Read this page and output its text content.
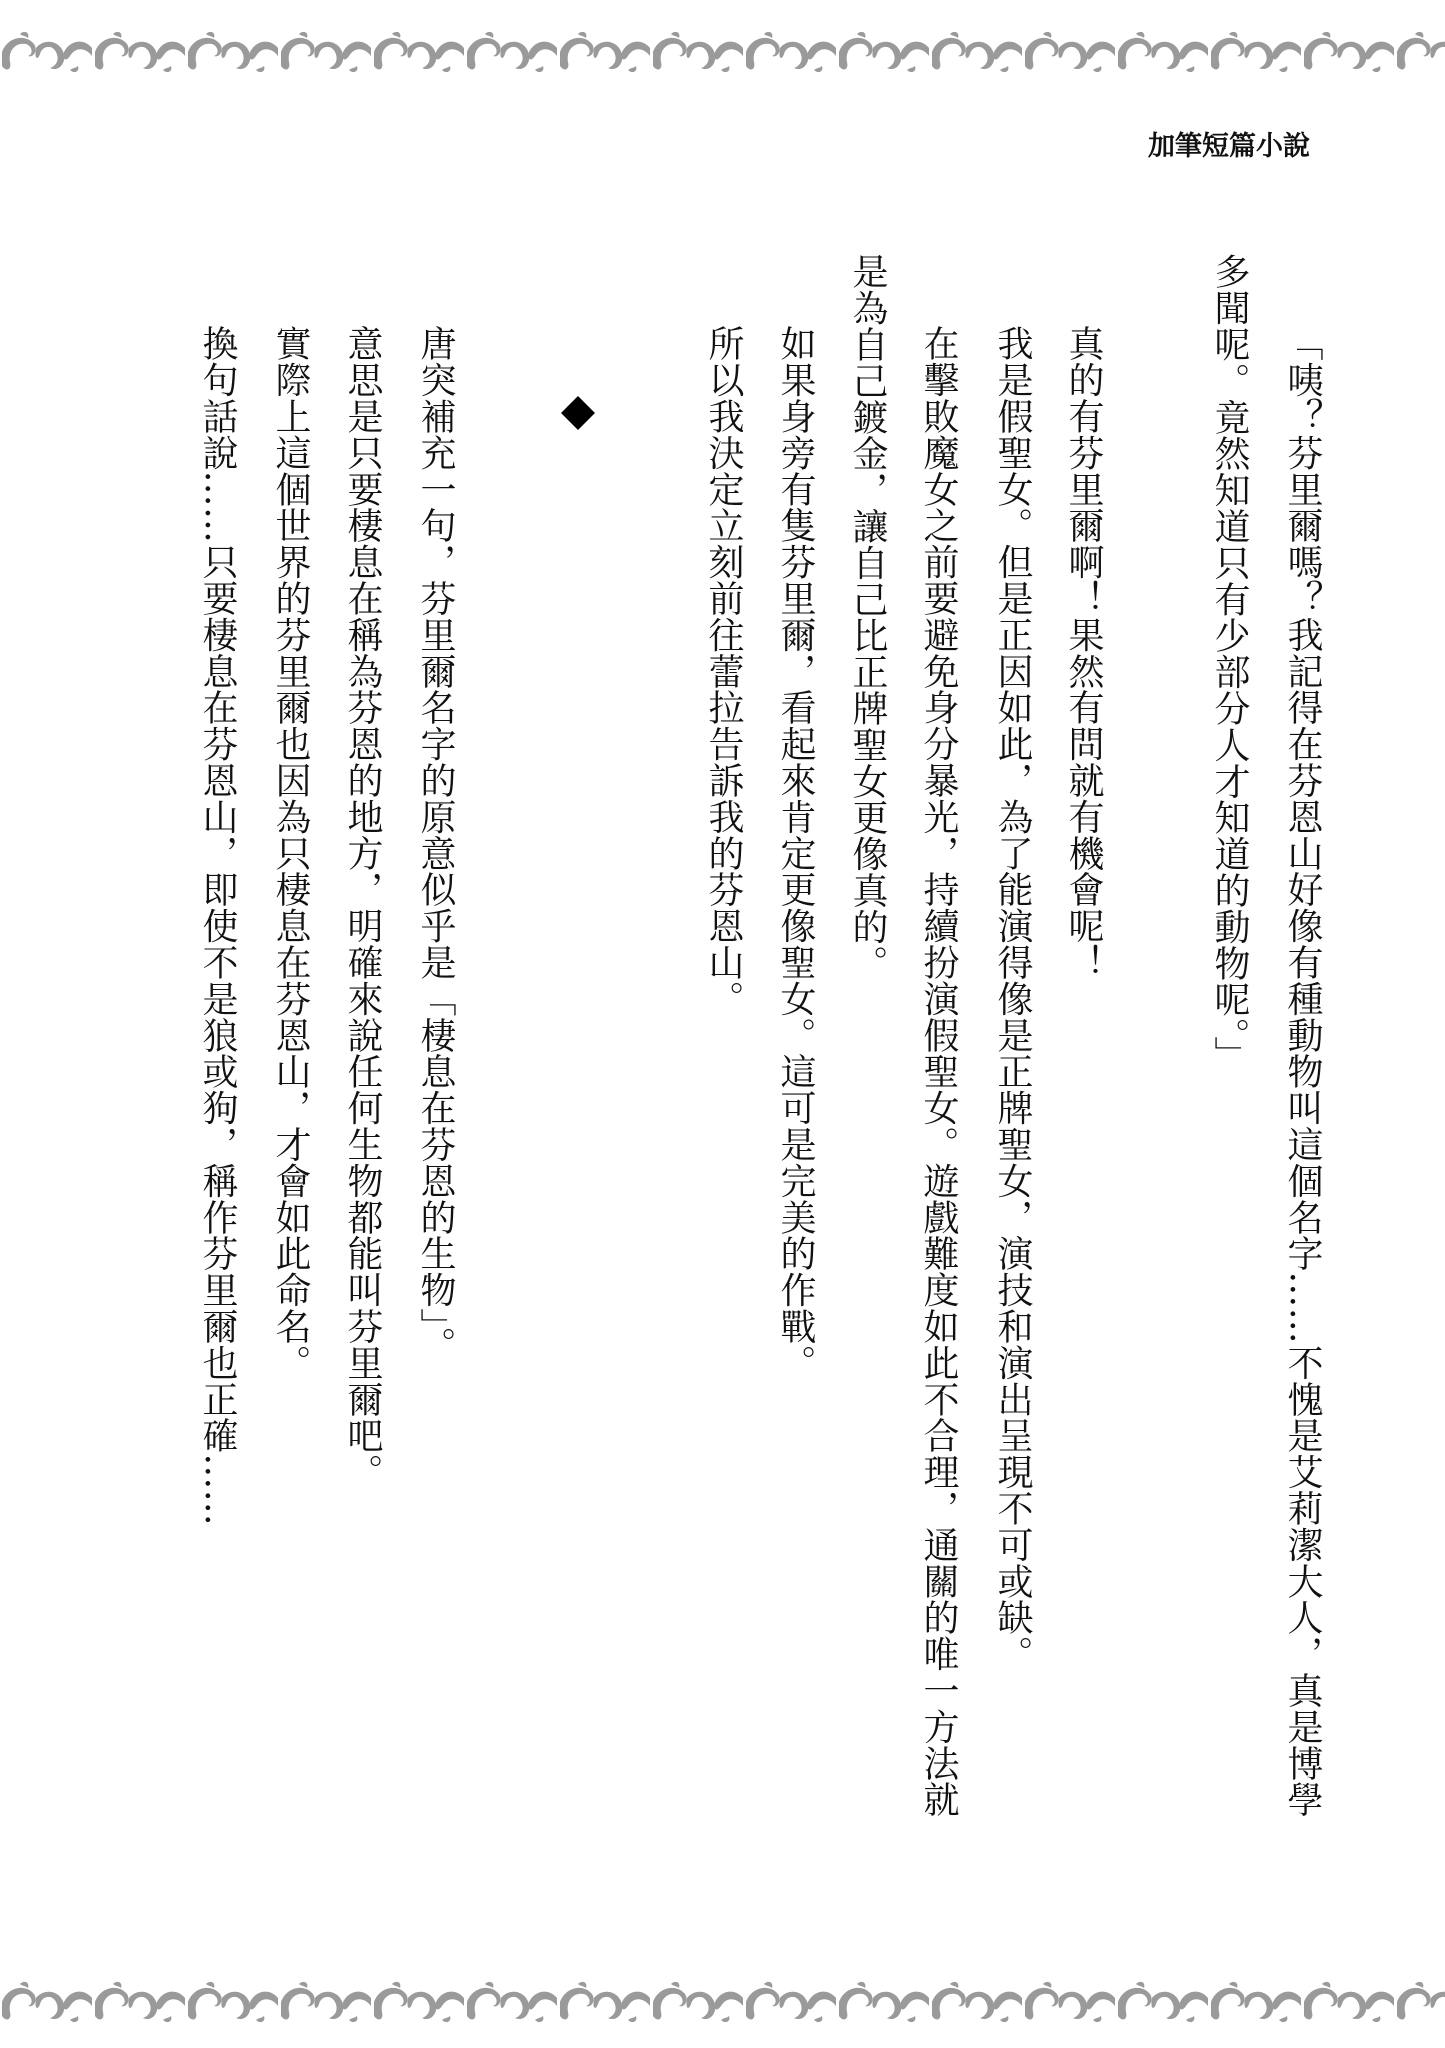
加筆短篇小說
「咦？芬里爾嗎？我記得在芬恩山好像有種動物叫這個名字……不愧是艾莉潔大人，真是博學
多聞呢。竟然知道只有少部分人才知道的動物呢。」
真的有芬里爾啊！果然有問就有機會呢！
我是假聖女。但是正因如此，為了能演得像是正牌聖女，演技和演出呈現不可或缺。
在擊敗魔女之前要避免身分暴光，持續扮演假聖女。遊戲難度如此不合理，通關的唯一方法就
是為自己鍍金，讓自己比正牌聖女更像真的。
如果身旁有隻芬里爾，看起來肯定更像聖女。這可是完美的作戰。
所以我決定立刻前往蕾拉告訴我的芬恩山。
唐突補充一句，芬里爾名字的原意似乎是「棲息在芬恩的生物」。
意思是只要棲息在稱為芬恩的地方，明確來說任何生物都能叫芬里爾吧。
實際上這個世界的芬里爾也因為只棲息在芬恩山，才會如此命名。
換句話說……只要棲息在芬恩山，即使不是狼或狗，稱作芬里爾也正確……
